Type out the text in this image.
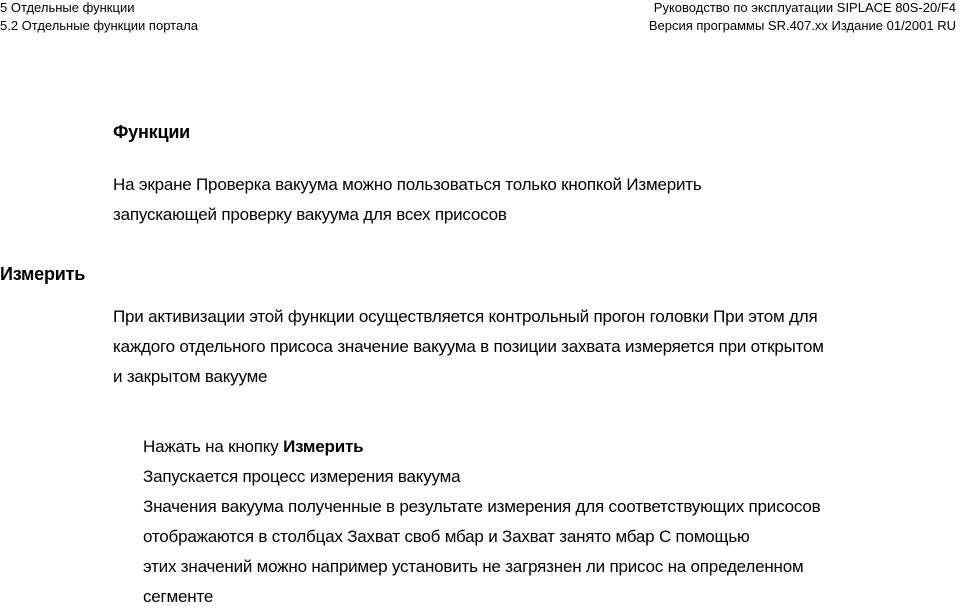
5 Отдельные функции
5.2 Отдельные функции портала
Руководство по эксплуатации SIPLACE 80S-20/F4
Версия программы SR.407.xx Издание 01/2001 RU
Функции
На экране Проверка вакуума можно пользоваться только кнопкой Измерить
запускающей проверку вакуума для всех присосов
Измерить
При активизации этой функции осуществляется контрольный прогон головки При этом для
каждого отдельного присоса значение вакуума в позиции захвата измеряется при открытом
и закрытом вакууме
Нажать на кнопку Измерить
Запускается процесс измерения вакуума
Значения вакуума полученные в результате измерения для соответствующих присосов
отображаются в столбцах Захват своб мбар и Захват занято мбар С помощью
этих значений можно например установить не загрязнен ли присос на определенном
сегменте
